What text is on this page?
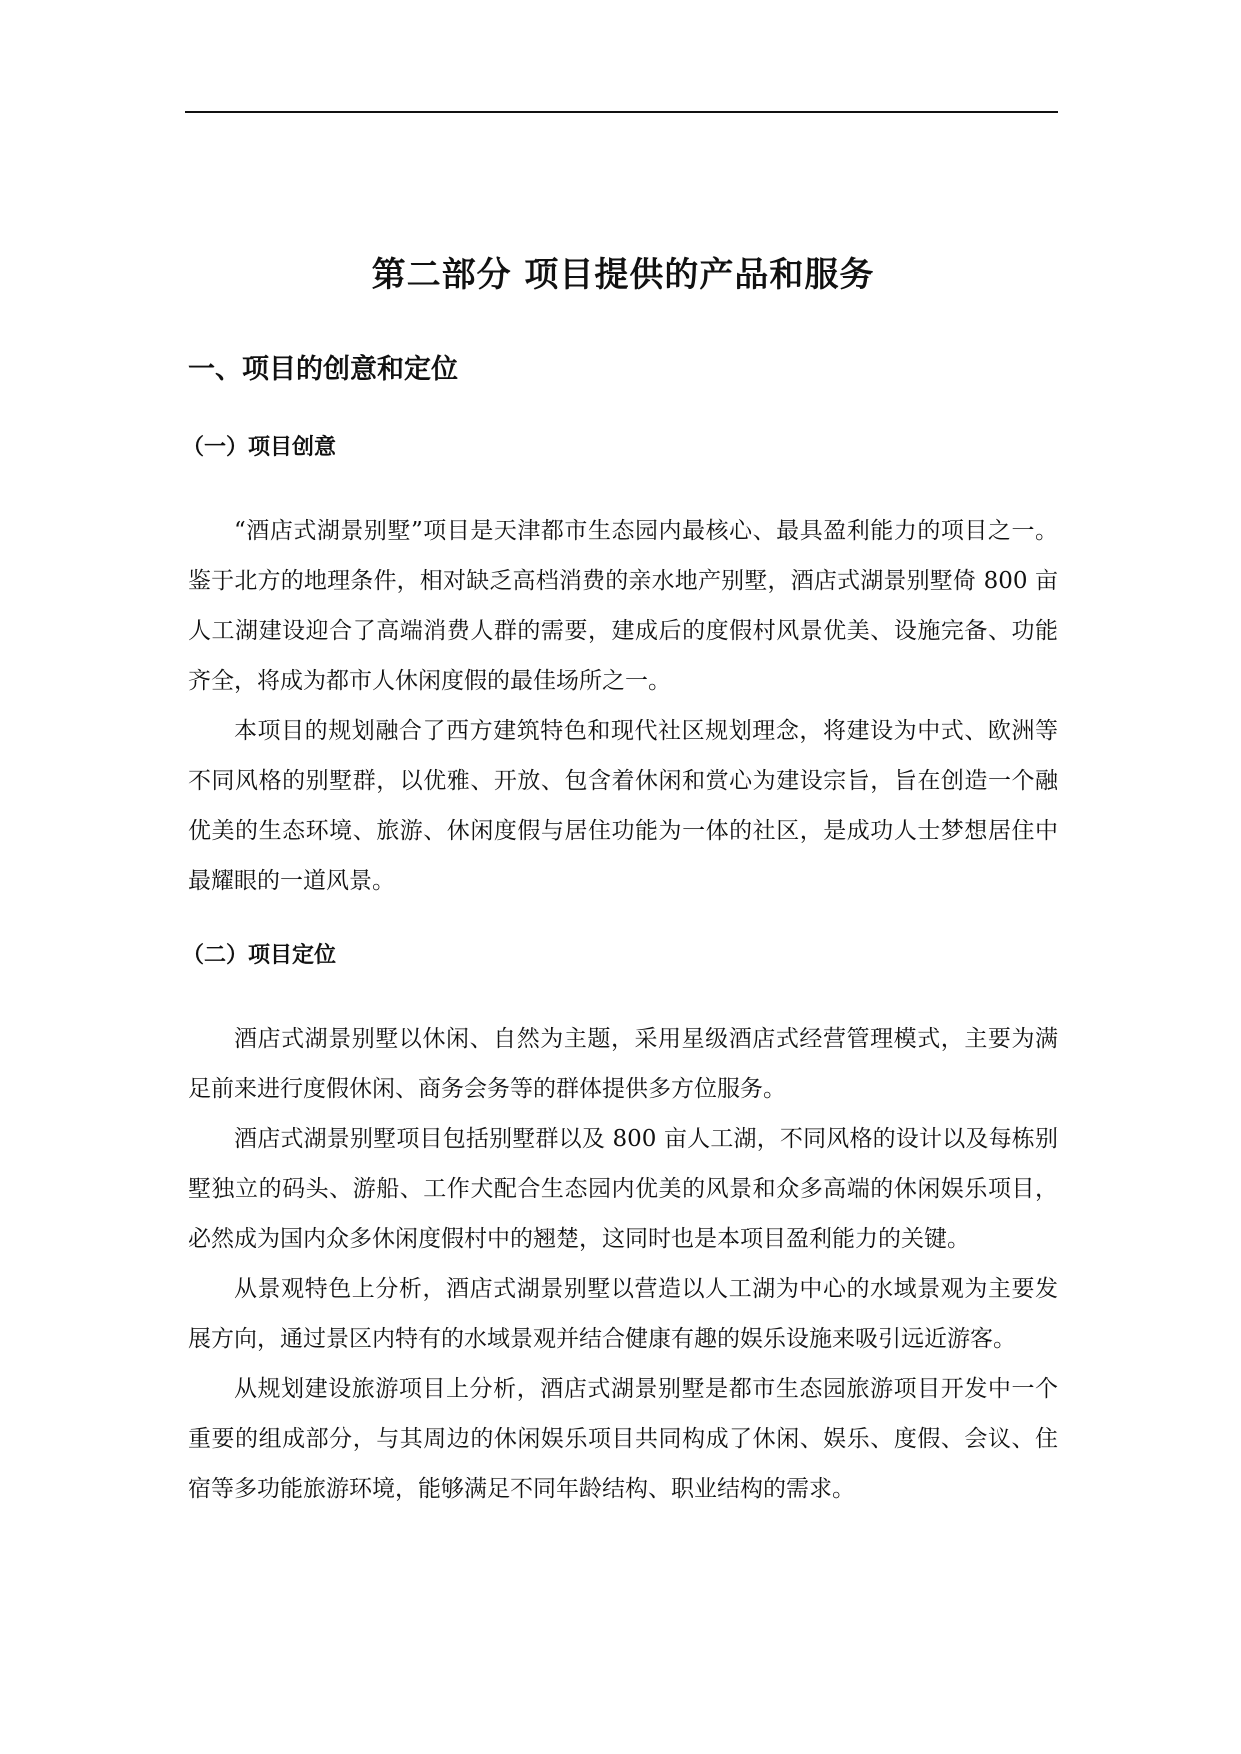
第二部分 项目提供的产品和服务
一、项目的创意和定位
（一）项目创意

“酒店式湖景别墅”项目是天津都市生态园内最核心、最具盈利能力的项目之一。鉴于北方的地理条件，相对缺乏高档消费的亲水地产别墅，酒店式湖景别墅倚 800 亩人工湖建设迎合了高端消费人群的需要，建成后的度假村风景优美、设施完备、功能齐全，将成为都市人休闲度假的最佳场所之一。

本项目的规划融合了西方建筑特色和现代社区规划理念，将建设为中式、欧洲等不同风格的别墅群，以优雅、开放、包含着休闲和赏心为建设宗旨，旨在创造一个融优美的生态环境、旅游、休闲度假与居住功能为一体的社区，是成功人士梦想居住中最耀眼的一道风景。

（二）项目定位

酒店式湖景别墅以休闲、自然为主题，采用星级酒店式经营管理模式，主要为满足前来进行度假休闲、商务会务等的群体提供多方位服务。

酒店式湖景别墅项目包括别墅群以及 800 亩人工湖，不同风格的设计以及每栋别墅独立的码头、游船、工作犬配合生态园内优美的风景和众多高端的休闲娱乐项目，必然成为国内众多休闲度假村中的翘楚，这同时也是本项目盈利能力的关键。

从景观特色上分析，酒店式湖景别墅以营造以人工湖为中心的水域景观为主要发展方向，通过景区内特有的水域景观并结合健康有趣的娱乐设施来吸引远近游客。

从规划建设旅游项目上分析，酒店式湖景别墅是都市生态园旅游项目开发中一个重要的组成部分，与其周边的休闲娱乐项目共同构成了休闲、娱乐、度假、会议、住宿等多功能旅游环境，能够满足不同年龄结构、职业结构的需求。
